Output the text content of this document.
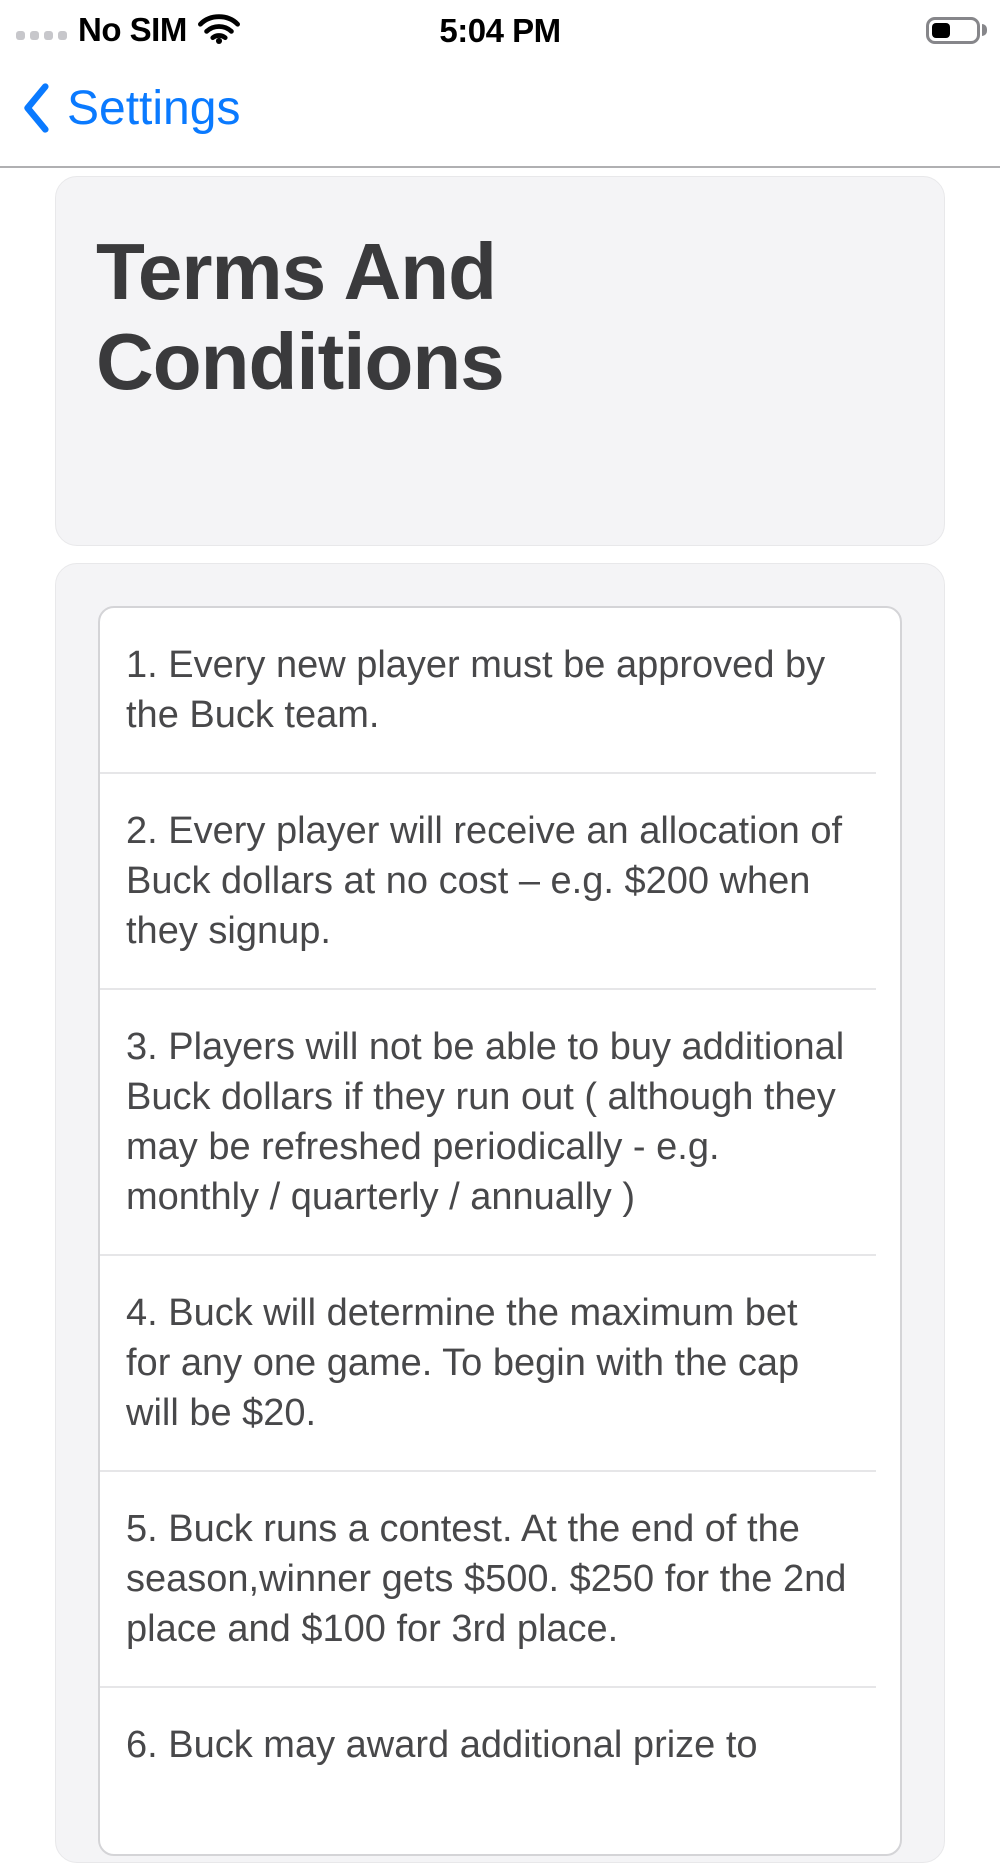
No SIM	5:04 PM
Settings
Terms And Conditions
1. Every new player must be approved by the Buck team.
2. Every player will receive an allocation of Buck dollars at no cost – e.g. $200 when they signup.
3. Players will not be able to buy additional Buck dollars if they run out ( although they may be refreshed periodically - e.g. monthly / quarterly / annually )
4. Buck will determine the maximum bet for any one game. To begin with the cap will be $20.
5. Buck runs a contest. At the end of the season,winner gets $500. $250 for the 2nd place and $100 for 3rd place.
6. Buck may award additional prize to
